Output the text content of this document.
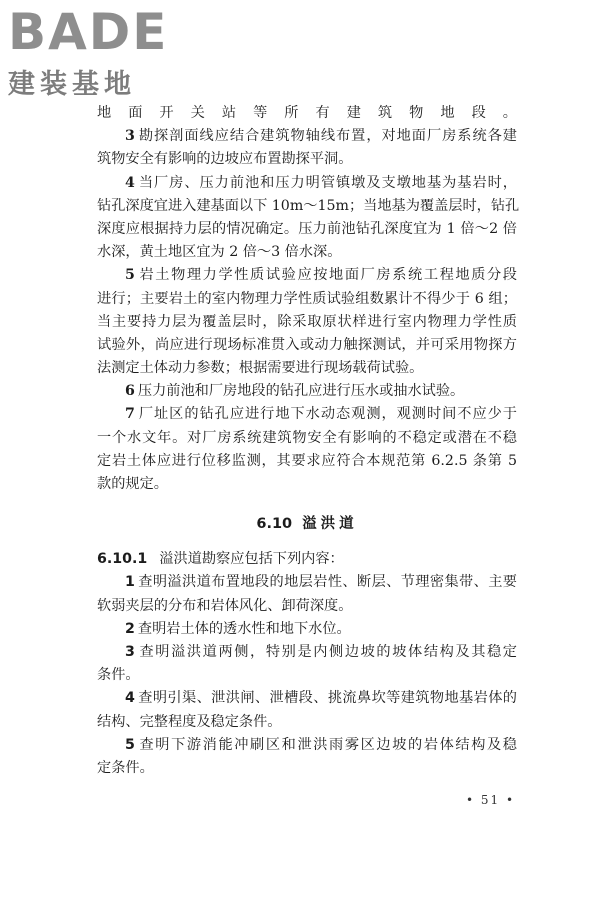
BADE
建装基地
地面开关站等所有建筑物地段。
3 勘探剖面线应结合建筑物轴线布置，对地面厂房系统各建
筑物安全有影响的边坡应布置勘探平洞。
4 当厂房、压力前池和压力明管镇墩及支墩地基为基岩时，
钻孔深度宜进入建基面以下 10m～15m；当地基为覆盖层时，钻孔
深度应根据持力层的情况确定。压力前池钻孔深度宜为 1 倍～2 倍
水深，黄土地区宜为 2 倍～3 倍水深。
5 岩土物理力学性质试验应按地面厂房系统工程地质分段
进行；主要岩土的室内物理力学性质试验组数累计不得少于 6 组；
当主要持力层为覆盖层时，除采取原状样进行室内物理力学性质
试验外，尚应进行现场标准贯入或动力触探测试，并可采用物探方
法测定土体动力参数；根据需要进行现场载荷试验。
6 压力前池和厂房地段的钻孔应进行压水或抽水试验。
7 厂址区的钻孔应进行地下水动态观测，观测时间不应少于
一个水文年。对厂房系统建筑物安全有影响的不稳定或潜在不稳
定岩土体应进行位移监测，其要求应符合本规范第 6.2.5 条第 5
款的规定。
6.10 溢洪道
6.10.1 溢洪道勘察应包括下列内容：
1 查明溢洪道布置地段的地层岩性、断层、节理密集带、主要
软弱夹层的分布和岩体风化、卸荷深度。
2 查明岩土体的透水性和地下水位。
3 查明溢洪道两侧，特别是内侧边坡的坡体结构及其稳定
条件。
4 查明引渠、泄洪闸、泄槽段、挑流鼻坎等建筑物地基岩体的
结构、完整程度及稳定条件。
5 查明下游消能冲刷区和泄洪雨雾区边坡的岩体结构及稳
定条件。
• 51 •
